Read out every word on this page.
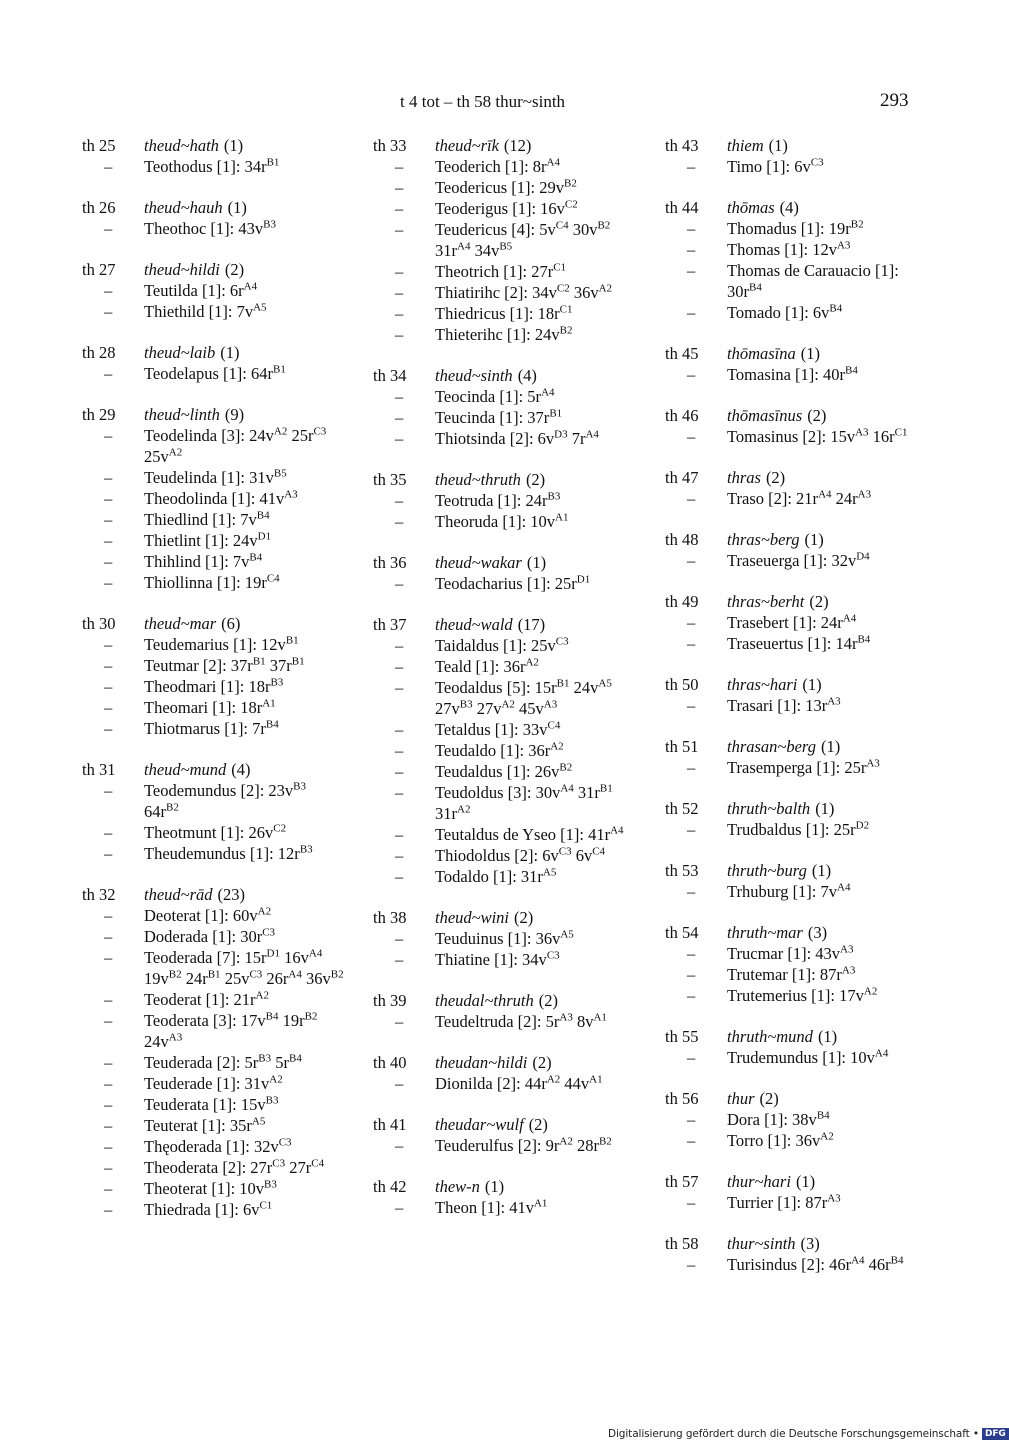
t 4 tot – th 58 thur~sinth	293
th 25	theud~hath (1)
–	Teothodus [1]: $34r^{B1}$
th 26	theud~hauh (1)
–	Theothoc [1]: $43v^{B3}$
th 27	theud~hildi (2)
–	Teutilda [1]: $6r^{A4}$
–	Thiethild [1]: $7v^{A5}$
th 28	theud~laib (1)
–	Teodelapus [1]: $64r^{B1}$
th 29	theud~linth (9)
–	Teodelinda [3]: $24v^{A2}$ $25r^{C3}$ $25v^{A2}$
–	Teudelinda [1]: $31v^{B5}$
–	Theodolinda [1]: $41v^{A3}$
–	Thiedlind [1]: $7v^{B4}$
–	Thietlint [1]: $24v^{D1}$
–	Thihlind [1]: $7v^{B4}$
–	Thiollinna [1]: $19r^{C4}$
th 30	theud~mar (6)
–	Teudemarius [1]: $12v^{B1}$
–	Teutmar [2]: $37r^{B1}$ $37r^{B1}$
–	Theodmari [1]: $18r^{B3}$
–	Theomari [1]: $18r^{A1}$
–	Thiotmarus [1]: $7r^{B4}$
th 31	theud~mund (4)
–	Teodemundus [2]: $23v^{B3}$ $64r^{B2}$
–	Theotmunt [1]: $26v^{C2}$
–	Theudemundus [1]: $12r^{B3}$
th 32	theud~rād (23)
–	Deoterat [1]: $60v^{A2}$
–	Doderada [1]: $30r^{C3}$
–	Teoderada [7]: $15r^{D1}$ $16v^{A4}$ $19v^{B2}$ $24r^{B1}$ $25v^{C3}$ $26r^{A4}$ $36v^{B2}$
–	Teoderat [1]: $21r^{A2}$
–	Teoderata [3]: $17v^{B4}$ $19r^{B2}$ $24v^{A3}$
–	Teuderada [2]: $5r^{B3}$ $5r^{B4}$
–	Teuderade [1]: $31v^{A2}$
–	Teuderata [1]: $15v^{B3}$
–	Teuterat [1]: $35r^{A5}$
–	Thęoderada [1]: $32v^{C3}$
–	Theoderata [2]: $27r^{C3}$ $27r^{C4}$
–	Theoterat [1]: $10v^{B3}$
–	Thiedrada [1]: $6v^{C1}$
th 33	theud~rīk (12)
–	Teoderich [1]: $8r^{A4}$
–	Teodericus [1]: $29v^{B2}$
–	Teoderigus [1]: $16v^{C2}$
–	Teudericus [4]: $5v^{C4}$ $30v^{B2}$ $31r^{A4}$ $34v^{B5}$
–	Theotrich [1]: $27r^{C1}$
–	Thiatirihc [2]: $34v^{C2}$ $36v^{A2}$
–	Thiedricus [1]: $18r^{C1}$
–	Thieterihc [1]: $24v^{B2}$
th 34	theud~sinth (4)
–	Teocinda [1]: $5r^{A4}$
–	Teucinda [1]: $37r^{B1}$
–	Thiotsinda [2]: $6v^{D3}$ $7r^{A4}$
th 35	theud~thruth (2)
–	Teotruda [1]: $24r^{B3}$
–	Theoruda [1]: $10v^{A1}$
th 36	theud~wakar (1)
–	Teodacharius [1]: $25r^{D1}$
th 37	theud~wald (17)
–	Taidaldus [1]: $25v^{C3}$
–	Teald [1]: $36r^{A2}$
–	Teodaldus [5]: $15r^{B1}$ $24v^{A5}$ $27v^{B3}$ $27v^{A2}$ $45v^{A3}$
–	Tetaldus [1]: $33v^{C4}$
–	Teudaldo [1]: $36r^{A2}$
–	Teudaldus [1]: $26v^{B2}$
–	Teudoldus [3]: $30v^{A4}$ $31r^{B1}$ $31r^{A2}$
–	Teutaldus de Yseo [1]: $41r^{A4}$
–	Thiodoldus [2]: $6v^{C3}$ $6v^{C4}$
–	Todaldo [1]: $31r^{A5}$
th 38	theud~wini (2)
–	Teuduinus [1]: $36v^{A5}$
–	Thiatine [1]: $34v^{C3}$
th 39	theudal~thruth (2)
–	Teudeltruda [2]: $5r^{A3}$ $8v^{A1}$
th 40	theudan~hildi (2)
–	Dionilda [2]: $44r^{A2}$ $44v^{A1}$
th 41	theudar~wulf (2)
–	Teuderulfus [2]: $9r^{A2}$ $28r^{B2}$
th 42	thew-n (1)
–	Theon [1]: $41v^{A1}$
th 43	thiem (1)
–	Timo [1]: $6v^{C3}$
th 44	thōmas (4)
–	Thomadus [1]: $19r^{B2}$
–	Thomas [1]: $12v^{A3}$
–	Thomas de Carauacio [1]: $30r^{B4}$
–	Tomado [1]: $6v^{B4}$
th 45	thōmasīna (1)
–	Tomasina [1]: $40r^{B4}$
th 46	thōmasīnus (2)
–	Tomasinus [2]: $15v^{A3}$ $16r^{C1}$
th 47	thras (2)
–	Traso [2]: $21r^{A4}$ $24r^{A3}$
th 48	thras~berg (1)
–	Traseuerga [1]: $32v^{D4}$
th 49	thras~berht (2)
–	Trasebert [1]: $24r^{A4}$
–	Traseuertus [1]: $14r^{B4}$
th 50	thras~hari (1)
–	Trasari [1]: $13r^{A3}$
th 51	thrasan~berg (1)
–	Trasemperga [1]: $25r^{A3}$
th 52	thruth~balth (1)
–	Trudbaldus [1]: $25r^{D2}$
th 53	thruth~burg (1)
–	Trhuburg [1]: $7v^{A4}$
th 54	thruth~mar (3)
–	Trucmar [1]: $43v^{A3}$
–	Trutemar [1]: $87r^{A3}$
–	Trutemerius [1]: $17v^{A2}$
th 55	thruth~mund (1)
–	Trudemundus [1]: $10v^{A4}$
th 56	thur (2)
–	Dora [1]: $38v^{B4}$
–	Torro [1]: $36v^{A2}$
th 57	thur~hari (1)
–	Turrier [1]: $87r^{A3}$
th 58	thur~sinth (3)
–	Turisindus [2]: $46r^{A4}$ $46r^{B4}$
Digitalisierung gefördert durch die Deutsche Forschungsgemeinschaft • DFG
